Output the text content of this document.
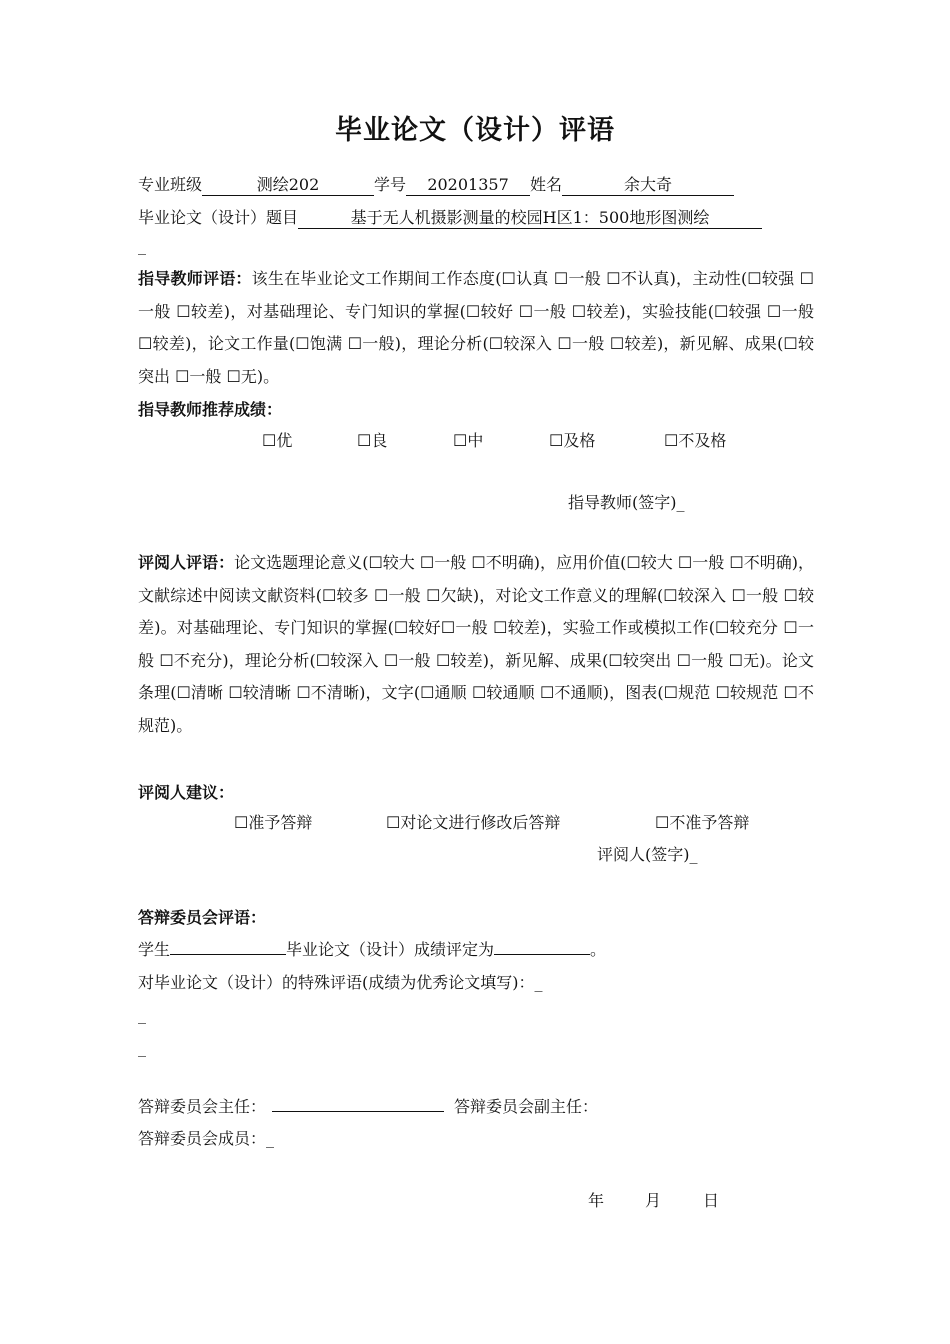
毕业论文（设计）评语
专业班级	测绘202	学号 20201357 姓名	余大奇
毕业论文（设计）题目	基于无人机摄影测量的校园H区1：500地形图测绘
_
指导教师评语：该生在毕业论文工作期间工作态度(☐认真 ☐一般 ☐不认真)，主动性(☐较强 ☐一般 ☐较差)，对基础理论、专门知识的掌握(☐较好 ☐一般 ☐较差)，实验技能(☐较强 ☐一般 ☐较差)，论文工作量(☐饱满 ☐一般)，理论分析(☐较深入 ☐一般 ☐较差)，新见解、成果(☐较突出 ☐一般 ☐无)。
指导教师推荐成绩：
☐优	☐良	☐中	☐及格	☐不及格
指导教师(签字)_
评阅人评语：论文选题理论意义(☐较大 ☐一般 ☐不明确)，应用价值(☐较大 ☐一般 ☐不明确)，文献综述中阅读文献资料(☐较多 ☐一般 ☐欠缺)，对论文工作意义的理解(☐较深入 ☐一般 ☐较差)。对基础理论、专门知识的掌握(☐较好☐一般 ☐较差)，实验工作或模拟工作(☐较充分 ☐一般 ☐不充分)，理论分析(☐较深入 ☐一般 ☐较差)，新见解、成果(☐较突出 ☐一般 ☐无)。论文条理(☐清晰 ☐较清晰 ☐不清晰)，文字(☐通顺 ☐较通顺 ☐不通顺)，图表(☐规范 ☐较规范 ☐不规范)。
评阅人建议：
☐准予答辩	☐对论文进行修改后答辩	☐不准予答辩
评阅人(签字)_
答辩委员会评语：
学生	毕业论文（设计）成绩评定为	。
对毕业论文（设计）的特殊评语(成绩为优秀论文填写)：_
_
_
答辩委员会主任：	答辩委员会副主任：
答辩委员会成员：_
年	月	日
